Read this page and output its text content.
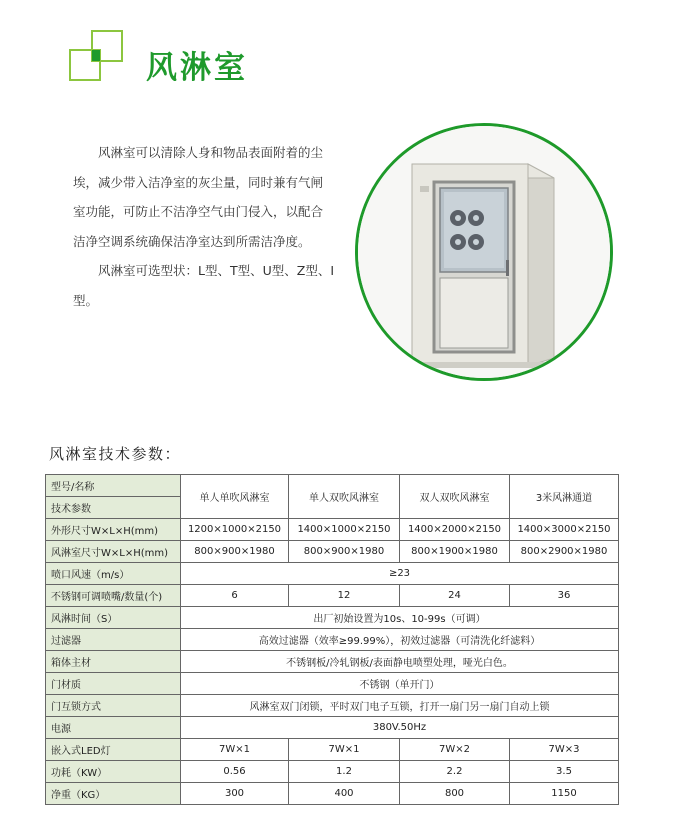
风淋室

风淋室可以清除人身和物品表面附着的尘埃，减少带入洁净室的灰尘量，同时兼有气闸室功能，可防止不洁净空气由门侵入，以配合洁净空调系统确保洁净室达到所需洁净度。

风淋室可选型状：L型、T型、U型、Z型、I型。

风淋室技术参数：
型号/名称	单人单吹风淋室	单人双吹风淋室	双人双吹风淋室	3米风淋通道
技术参数				
外形尺寸W×L×H(mm)	1200×1000×2150	1400×1000×2150	1400×2000×2150	1400×3000×2150
风淋室尺寸W×L×H(mm)	800×900×1980	800×900×1980	800×1900×1980	800×2900×1980
喷口风速（m/s）	≥23			
不锈钢可调喷嘴/数量(个)	6	12	24	36
风淋时间（S）	出厂初始设置为10s、10-99s（可调）			
过滤器	高效过滤器（效率≥99.99%），初效过滤器（可清洗化纤滤料）			
箱体主材	不锈钢板/冷轧钢板/表面静电喷塑处理，哑光白色。			
门材质	不锈钢（单开门）			
门互锁方式	风淋室双门闭锁，平时双门电子互锁，打开一扇门另一扇门自动上锁			
电源	380V.50Hz			
嵌入式LED灯	7W×1	7W×1	7W×2	7W×3
功耗（KW）	0.56	1.2	2.2	3.5
净重（KG）	300	400	800	1150
